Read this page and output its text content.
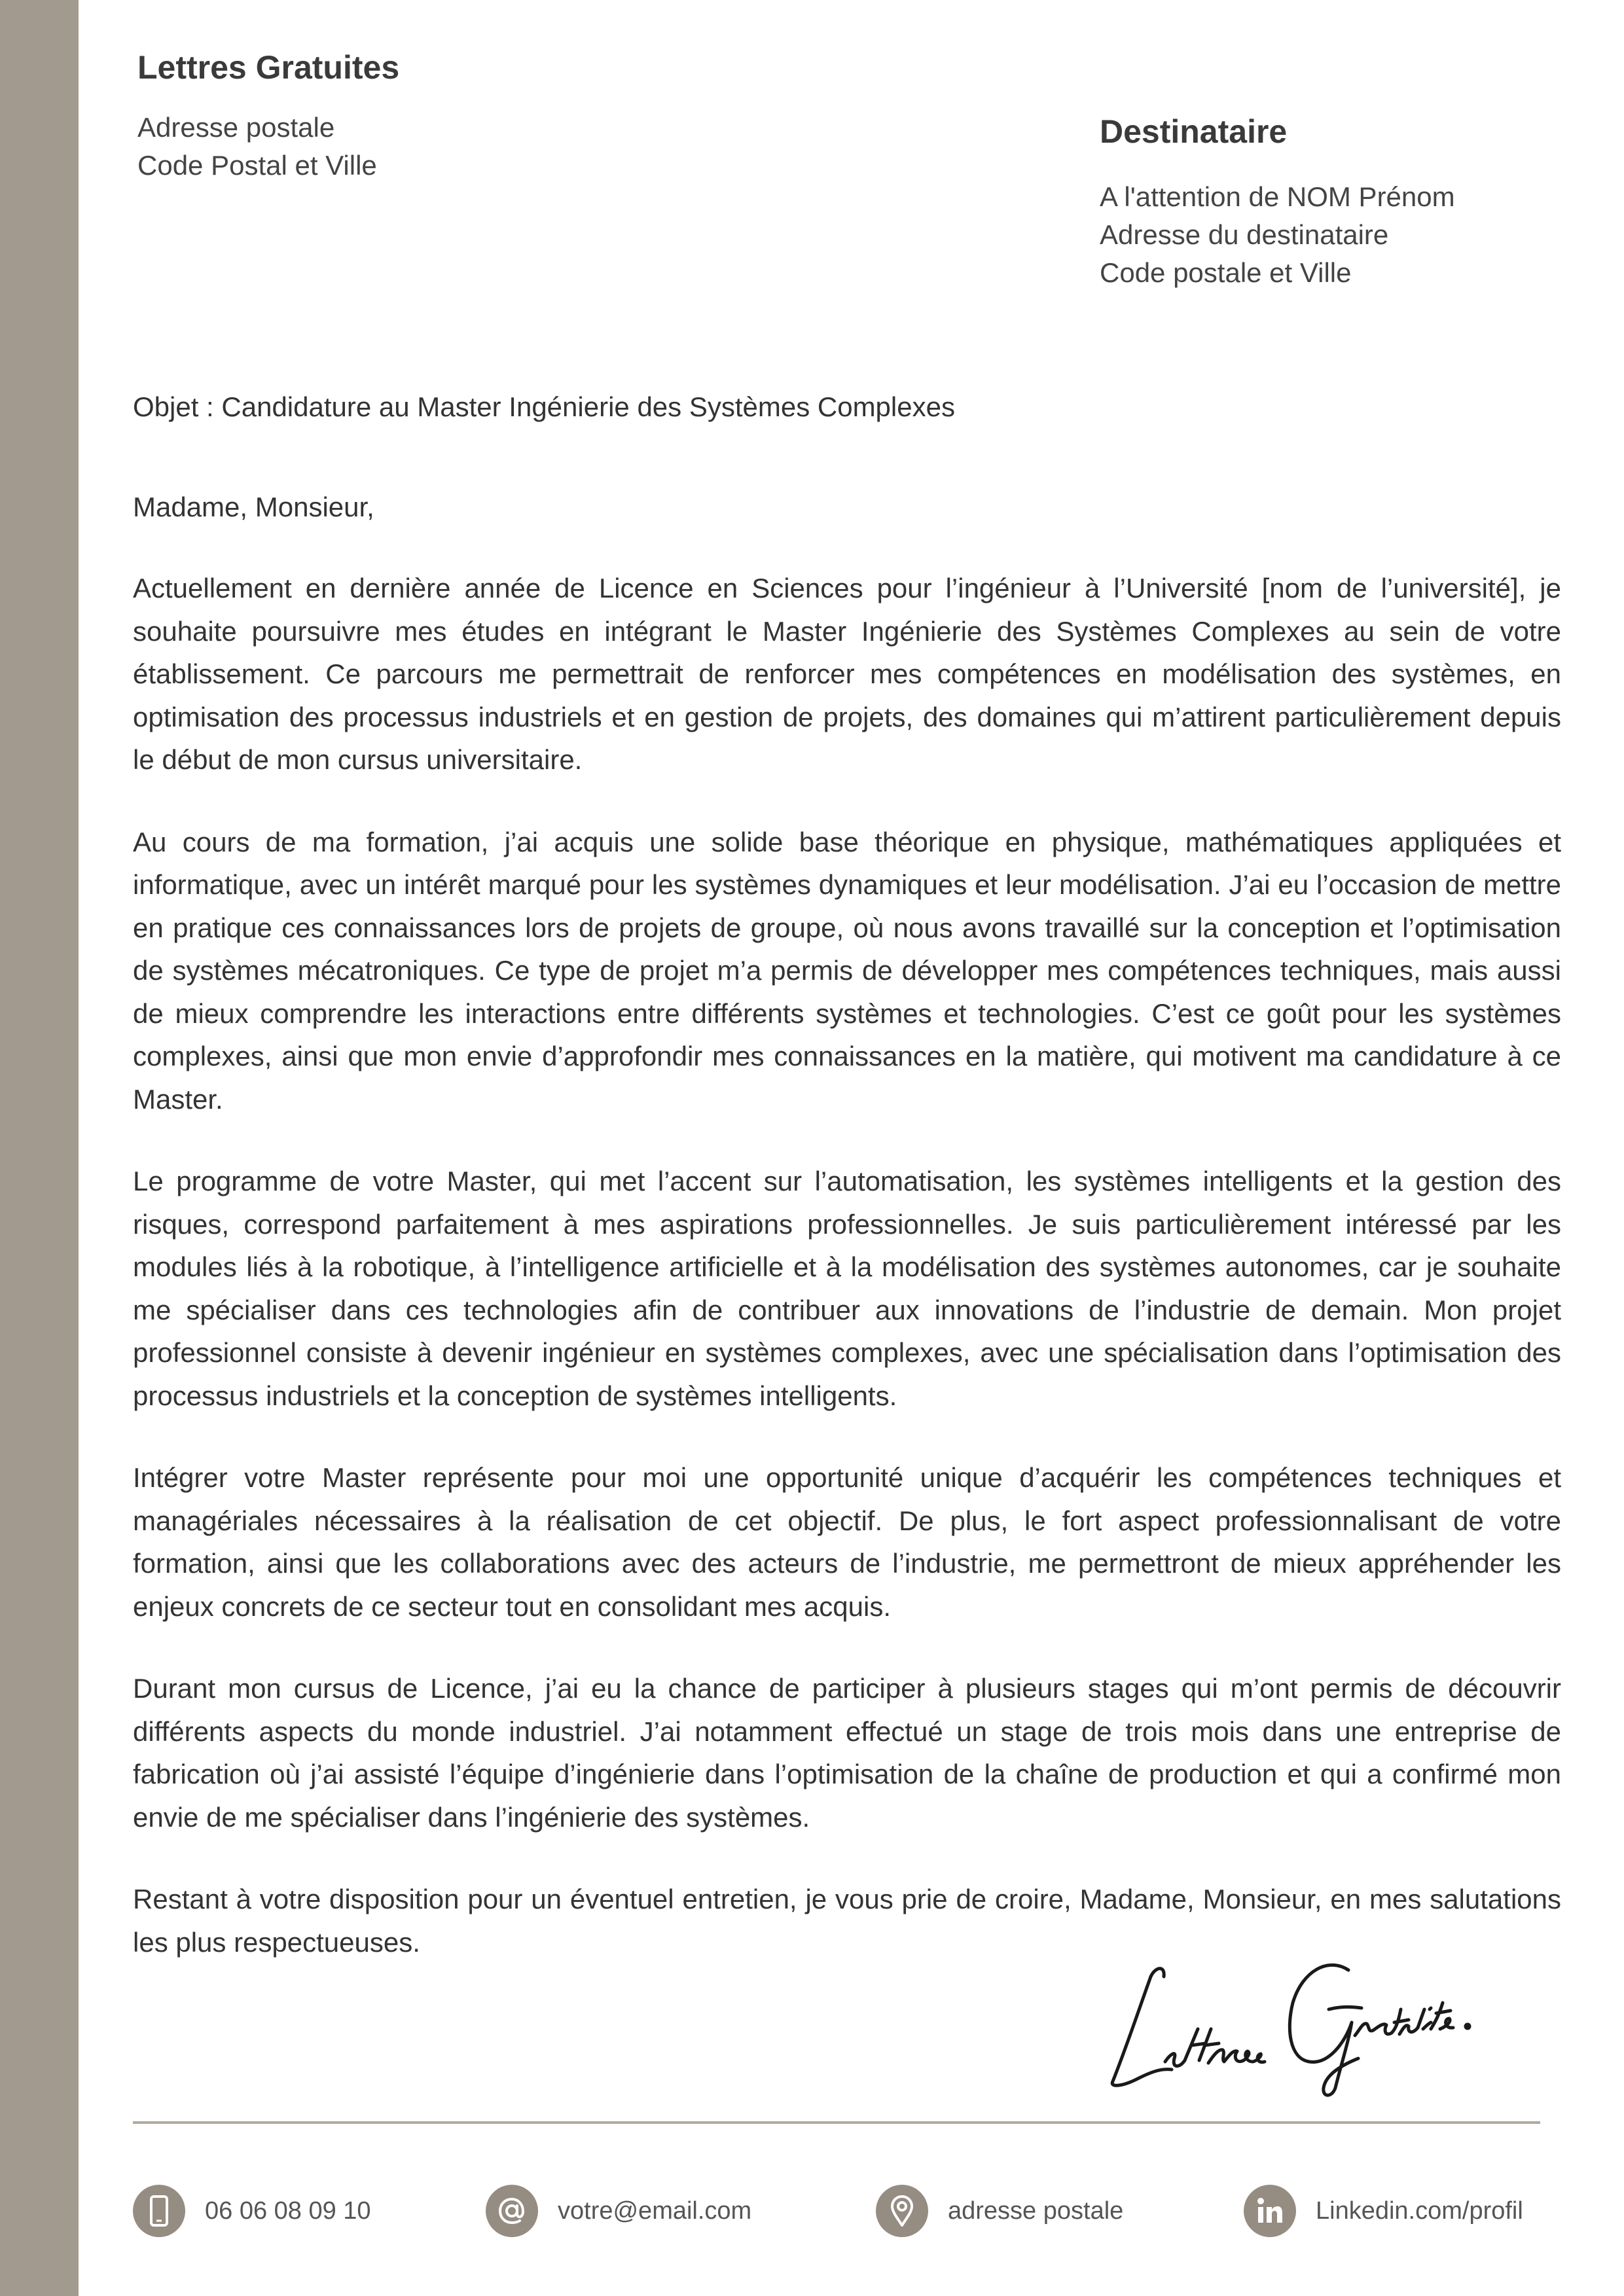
Lettres Gratuites
Adresse postale
Code Postal et Ville
Destinataire
A l'attention de NOM Prénom
Adresse du destinataire
Code postale et Ville
Objet : Candidature au Master Ingénierie des Systèmes Complexes
Madame, Monsieur,

Actuellement en dernière année de Licence en Sciences pour l’ingénieur à l’Université [nom de l’université], je souhaite poursuivre mes études en intégrant le Master Ingénierie des Systèmes Complexes au sein de votre établissement. Ce parcours me permettrait de renforcer mes compétences en modélisation des systèmes, en optimisation des processus industriels et en gestion de projets, des domaines qui m’attirent particulièrement depuis le début de mon cursus universitaire.

Au cours de ma formation, j’ai acquis une solide base théorique en physique, mathématiques appliquées et informatique, avec un intérêt marqué pour les systèmes dynamiques et leur modélisation. J’ai eu l’occasion de mettre en pratique ces connaissances lors de projets de groupe, où nous avons travaillé sur la conception et l’optimisation de systèmes mécatroniques. Ce type de projet m’a permis de développer mes compétences techniques, mais aussi de mieux comprendre les interactions entre différents systèmes et technologies. C’est ce goût pour les systèmes complexes, ainsi que mon envie d’approfondir mes connaissances en la matière, qui motivent ma candidature à ce Master.

Le programme de votre Master, qui met l’accent sur l’automatisation, les systèmes intelligents et la gestion des risques, correspond parfaitement à mes aspirations professionnelles. Je suis particulièrement intéressé par les modules liés à la robotique, à l’intelligence artificielle et à la modélisation des systèmes autonomes, car je souhaite me spécialiser dans ces technologies afin de contribuer aux innovations de l’industrie de demain. Mon projet professionnel consiste à devenir ingénieur en systèmes complexes, avec une spécialisation dans l’optimisation des processus industriels et la conception de systèmes intelligents.

Intégrer votre Master représente pour moi une opportunité unique d’acquérir les compétences techniques et managériales nécessaires à la réalisation de cet objectif. De plus, le fort aspect professionnalisant de votre formation, ainsi que les collaborations avec des acteurs de l’industrie, me permettront de mieux appréhender les enjeux concrets de ce secteur tout en consolidant mes acquis.

Durant mon cursus de Licence, j’ai eu la chance de participer à plusieurs stages qui m’ont permis de découvrir différents aspects du monde industriel. J’ai notamment effectué un stage de trois mois dans une entreprise de fabrication où j’ai assisté l’équipe d’ingénierie dans l’optimisation de la chaîne de production et qui a confirmé mon envie de me spécialiser dans l’ingénierie des systèmes.

Restant à votre disposition pour un éventuel entretien, je vous prie de croire, Madame, Monsieur, en mes salutations les plus respectueuses.

06 06 08 09 10	votre@email.com	adresse postale	Linkedin.com/profil
